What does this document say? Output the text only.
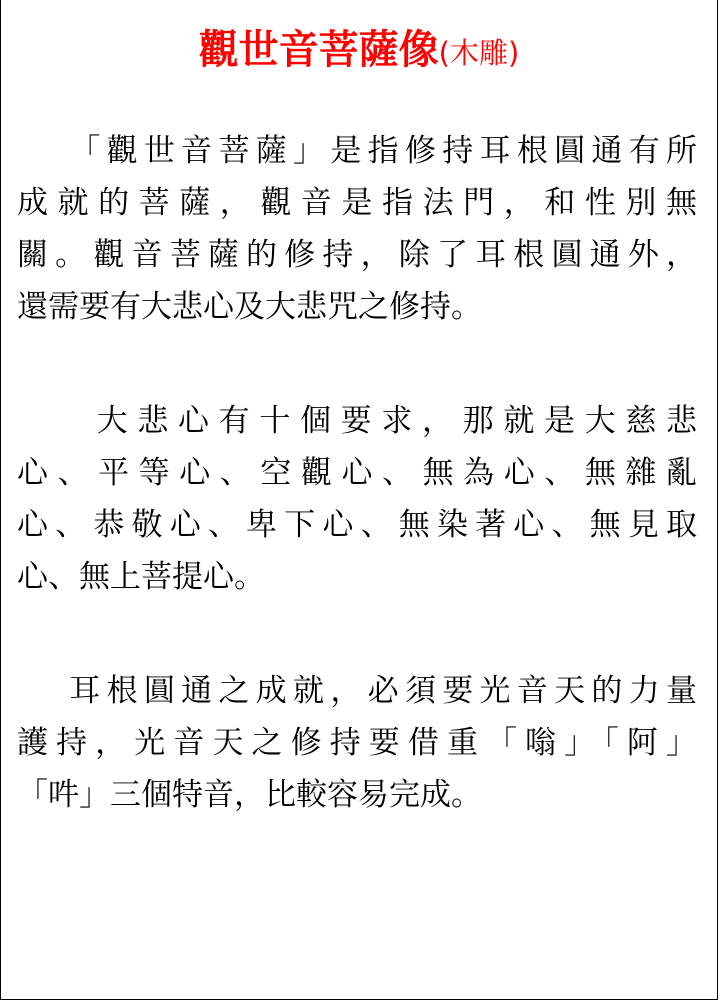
觀世音菩薩像(木雕)
「觀世音菩薩」是指修持耳根圓通有所
成就的菩薩，觀音是指法門，和性別無
關。觀音菩薩的修持，除了耳根圓通外，
還需要有大悲心及大悲咒之修持。
大悲心有十個要求，那就是大慈悲
心、平等心、空觀心、無為心、無雜亂
心、恭敬心、卑下心、無染著心、無見取
心、無上菩提心。
耳根圓通之成就，必須要光音天的力量
護持，光音天之修持要借重「嗡」「阿」
「吽」三個特音，比較容易完成。
